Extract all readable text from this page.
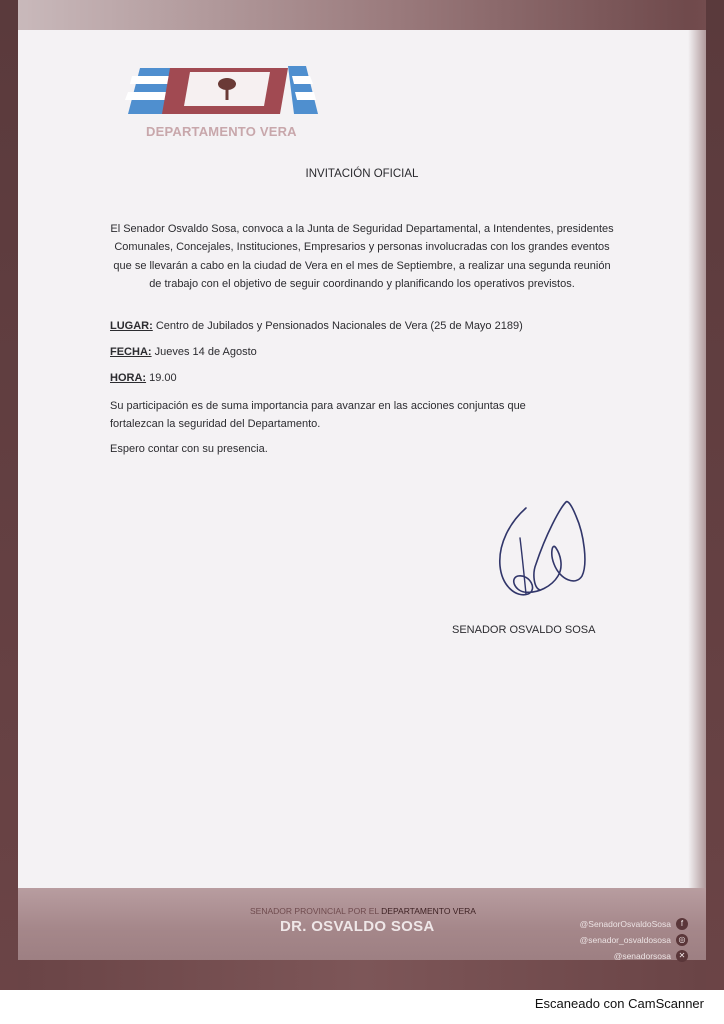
DEPARTAMENTO VERA
INVITACIÓN OFICIAL
El Senador Osvaldo Sosa, convoca a la Junta de Seguridad Departamental, a Intendentes, presidentes Comunales, Concejales, Instituciones, Empresarios y personas involucradas con los grandes eventos que se llevarán a cabo en la ciudad de Vera en el mes de Septiembre, a realizar una segunda reunión de trabajo con el objetivo de seguir coordinando y planificando los operativos previstos.
LUGAR: Centro de Jubilados y Pensionados Nacionales de Vera (25 de Mayo 2189)
FECHA: Jueves 14 de Agosto
HORA: 19.00
Su participación es de suma importancia para avanzar en las acciones conjuntas que fortalezcan la seguridad del Departamento.
Espero contar con su presencia.
SENADOR OSVALDO SOSA
SENADOR PROVINCIAL POR EL DEPARTAMENTO VERA
DR. OSVALDO SOSA	@SenadorOsvaldoSosa	f
@senador_osvaldososa ◎
@senadorsosa ✕
Escaneado con CamScanner
